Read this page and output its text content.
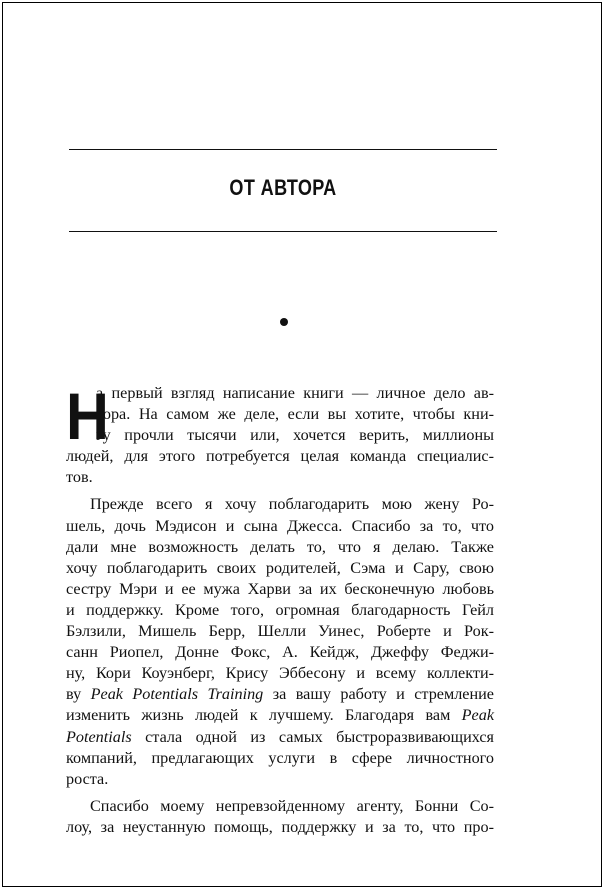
ОТ АВТОРА
Н
а первый взгляд написание книги — личное дело ав-
тора. На самом же деле, если вы хотите, чтобы кни-
гу прочли тысячи или, хочется верить, миллионы
людей, для этого потребуется целая команда специалис-
тов.
Прежде всего я хочу поблагодарить мою жену Ро-
шель, дочь Мэдисон и сына Джесса. Спасибо за то, что
дали мне возможность делать то, что я делаю. Также
хочу поблагодарить своих родителей, Сэма и Сару, свою
сестру Мэри и ее мужа Харви за их бесконечную любовь
и поддержку. Кроме того, огромная благодарность Гейл
Бэлзили, Мишель Берр, Шелли Уинес, Роберте и Рок-
санн Риопел, Донне Фокс, А. Кейдж, Джеффу Феджи-
ну, Кори Коуэнберг, Крису Эббесону и всему коллекти-
ву Peak Potentials Training за вашу работу и стремление
изменить жизнь людей к лучшему. Благодаря вам Peak
Potentials стала одной из самых быстроразвивающихся
компаний, предлагающих услуги в сфере личностного
роста.
Спасибо моему непревзойденному агенту, Бонни Со-
лоу, за неустанную помощь, поддержку и за то, что про-
